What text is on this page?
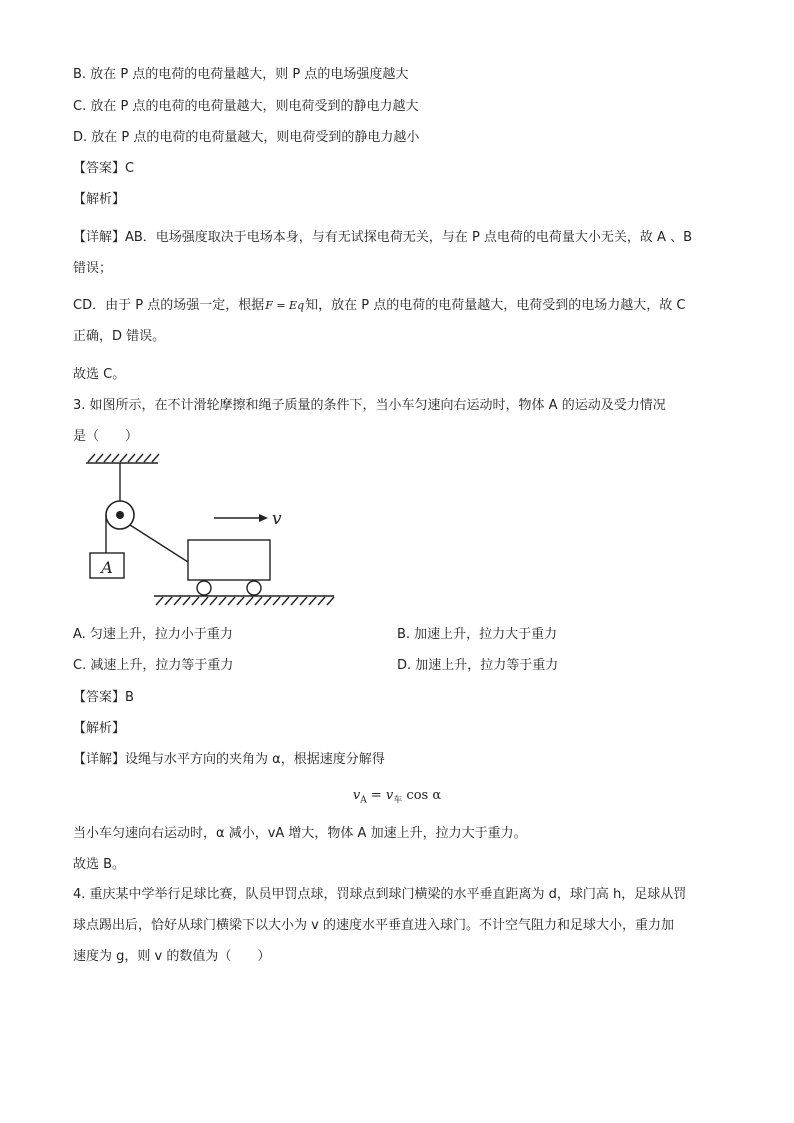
B. 放在 P 点的电荷的电荷量越大，则 P 点的电场强度越大
C. 放在 P 点的电荷的电荷量越大，则电荷受到的静电力越大
D. 放在 P 点的电荷的电荷量越大，则电荷受到的静电力越小
【答案】C
【解析】
【详解】AB．电场强度取决于电场本身，与有无试探电荷无关，与在 P 点电荷的电荷量大小无关，故 A 、B
错误；
CD．由于 P 点的场强一定，根据F = Eq知，放在 P 点的电荷的电荷量越大，电荷受到的电场力越大，故 C
正确，D 错误。
故选 C。
3. 如图所示，在不计滑轮摩擦和绳子质量的条件下，当小车匀速向右运动时，物体 A 的运动及受力情况
是（　　）
A
v
A. 匀速上升，拉力小于重力	B. 加速上升，拉力大于重力
C. 减速上升，拉力等于重力	D. 加速上升，拉力等于重力
【答案】B
【解析】
【详解】设绳与水平方向的夹角为 α，根据速度分解得
$v_A = v_车$ cos α
当小车匀速向右运动时，α 减小，vA 增大，物体 A 加速上升，拉力大于重力。
故选 B。
4. 重庆某中学举行足球比赛，队员甲罚点球，罚球点到球门横梁的水平垂直距离为 d，球门高 h，足球从罚
球点踢出后，恰好从球门横梁下以大小为 v 的速度水平垂直进入球门。不计空气阻力和足球大小，重力加
速度为 g，则 v 的数值为（　　）
